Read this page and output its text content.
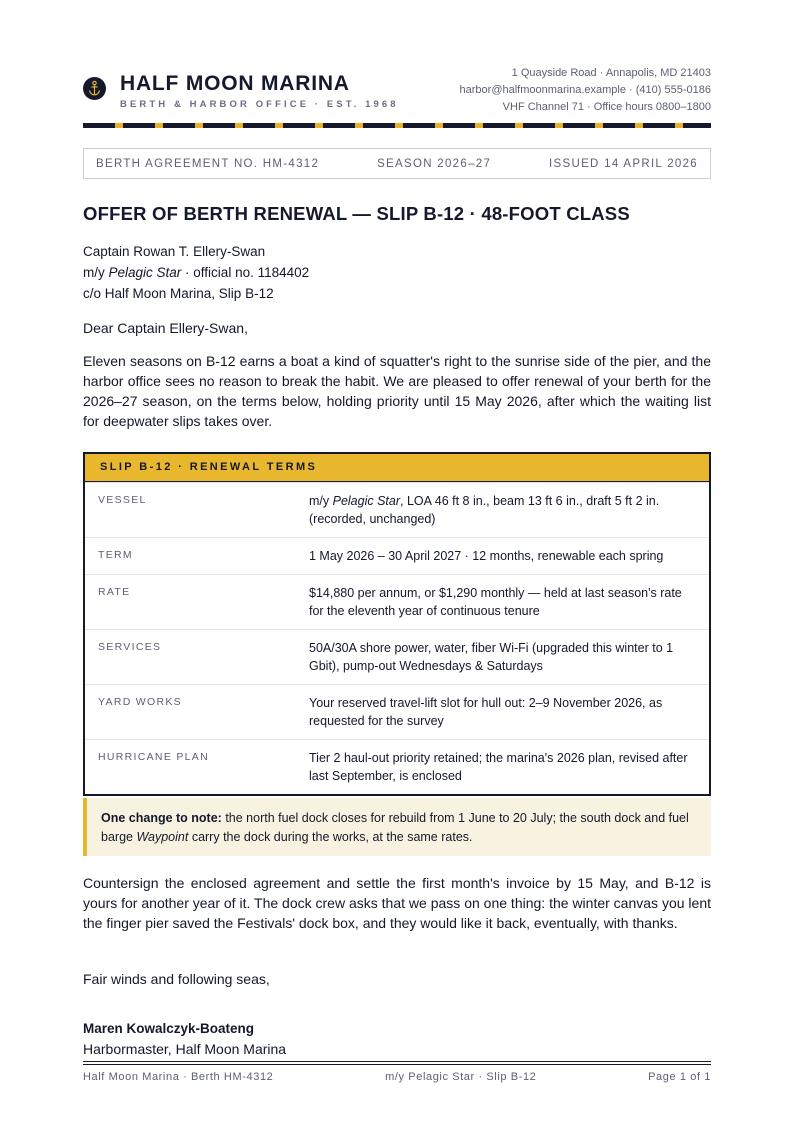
HALF MOON MARINA
BERTH & HARBOR OFFICE · EST. 1968
1 Quayside Road · Annapolis, MD 21403
harbor@halfmoonmarina.example · (410) 555-0186
VHF Channel 71 · Office hours 0800–1800
BERTH AGREEMENT NO. HM-4312	SEASON 2026–27	ISSUED 14 APRIL 2026
OFFER OF BERTH RENEWAL — SLIP B-12 · 48-FOOT CLASS
Captain Rowan T. Ellery-Swan
m/y Pelagic Star · official no. 1184402
c/o Half Moon Marina, Slip B-12
Dear Captain Ellery-Swan,
Eleven seasons on B-12 earns a boat a kind of squatter's right to the sunrise side of the pier, and the harbor office sees no reason to break the habit. We are pleased to offer renewal of your berth for the 2026–27 season, on the terms below, holding priority until 15 May 2026, after which the waiting list for deepwater slips takes over.
SLIP B-12 · RENEWAL TERMS
VESSEL	m/y Pelagic Star, LOA 46 ft 8 in., beam 13 ft 6 in., draft 5 ft 2 in. (recorded, unchanged)
TERM	1 May 2026 – 30 April 2027 · 12 months, renewable each spring
RATE	$14,880 per annum, or $1,290 monthly — held at last season's rate for the eleventh year of continuous tenure
SERVICES	50A/30A shore power, water, fiber Wi-Fi (upgraded this winter to 1 Gbit), pump-out Wednesdays & Saturdays
YARD WORKS	Your reserved travel-lift slot for hull out: 2–9 November 2026, as requested for the survey
HURRICANE PLAN	Tier 2 haul-out priority retained; the marina's 2026 plan, revised after last September, is enclosed
One change to note: the north fuel dock closes for rebuild from 1 June to 20 July; the south dock and fuel barge Waypoint carry the dock during the works, at the same rates.
Countersign the enclosed agreement and settle the first month's invoice by 15 May, and B-12 is yours for another year of it. The dock crew asks that we pass on one thing: the winter canvas you lent the finger pier saved the Festivals' dock box, and they would like it back, eventually, with thanks.
Fair winds and following seas,
Maren Kowalczyk-Boateng
Harbormaster, Half Moon Marina
Half Moon Marina · Berth HM-4312	m/y Pelagic Star · Slip B-12	Page 1 of 1
